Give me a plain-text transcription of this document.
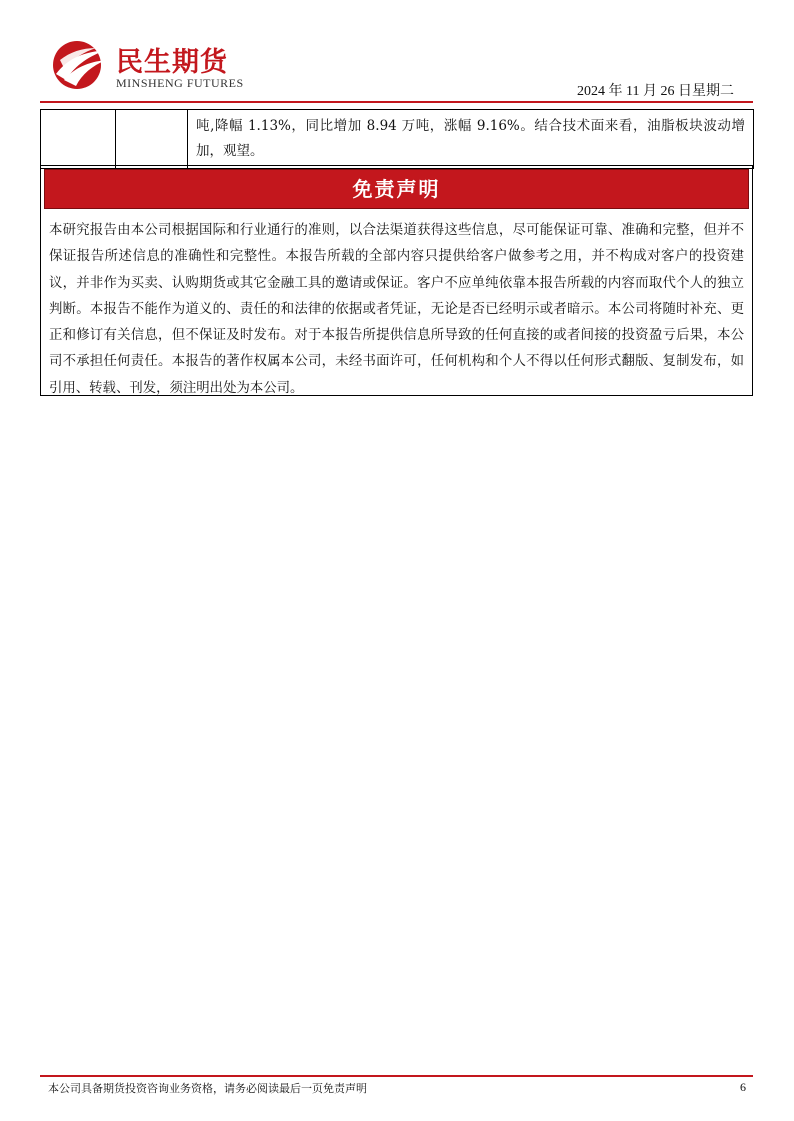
民生期货
MINSHENG FUTURES
2024 年 11 月 26 日星期二

吨,降幅 1.13%，同比增加 8.94 万吨，涨幅 9.16%。结合技术面来看，油脂板块波动增加，观望。
免责声明
本研究报告由本公司根据国际和行业通行的准则，以合法渠道获得这些信息，尽可能保证可靠、准确和完整，但并不保证报告所述信息的准确性和完整性。本报告所载的全部内容只提供给客户做参考之用，并不构成对客户的投资建议，并非作为买卖、认购期货或其它金融工具的邀请或保证。客户不应单纯依靠本报告所载的内容而取代个人的独立判断。本报告不能作为道义的、责任的和法律的依据或者凭证，无论是否已经明示或者暗示。本公司将随时补充、更正和修订有关信息，但不保证及时发布。对于本报告所提供信息所导致的任何直接的或者间接的投资盈亏后果，本公司不承担任何责任。本报告的著作权属本公司，未经书面许可，任何机构和个人不得以任何形式翻版、复制发布，如引用、转载、刊发，须注明出处为本公司。
本公司具备期货投资咨询业务资格，请务必阅读最后一页免责声明	6
